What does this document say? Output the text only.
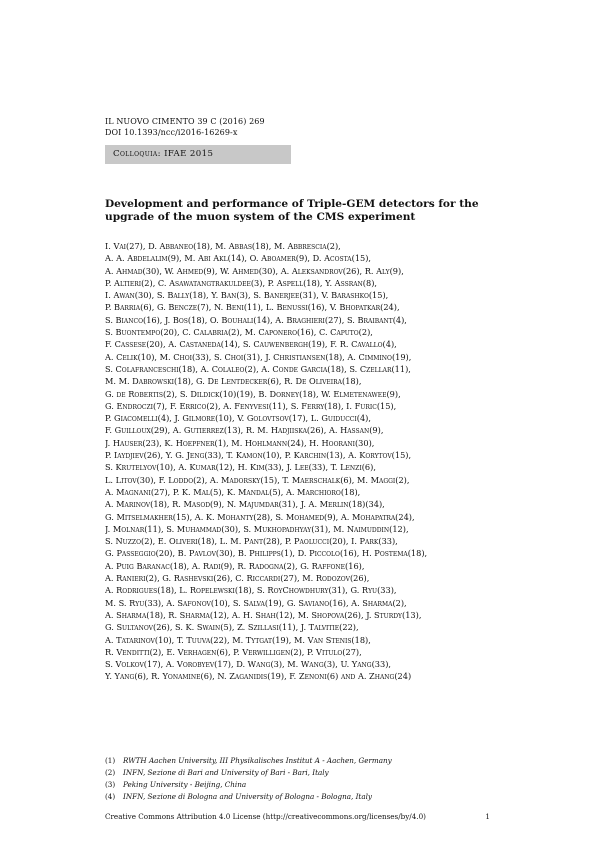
IL NUOVO CIMENTO 39 C (2016) 269
DOI 10.1393/ncc/i2016-16269-x
Colloquia: IFAE 2015
Development and performance of Triple-GEM detectors for the upgrade of the muon system of the CMS experiment
I. Vai(27), D. Abbaneo(18), M. Abbas(18), M. Abbrescia(2),
A. A. Abdelalim(9), M. Abi Akl(14), O. Aboamer(9), D. Acosta(15),
A. Ahmad(30), W. Ahmed(9), W. Ahmed(30), A. Aleksandrov(26), R. Aly(9),
P. Altieri(2), C. Asawatangtrakuldee(3), P. Aspell(18), Y. Assran(8),
I. Awan(30), S. Bally(18), Y. Ban(3), S. Banerjee(31), V. Barashko(15),
P. Barria(6), G. Bencze(7), N. Beni(11), L. Benussi(16), V. Bhopatkar(24),
S. Bianco(16), J. Bos(18), O. Bouhali(14), A. Braghieri(27), S. Braibant(4),
S. Buontempo(20), C. Calabria(2), M. Caponero(16), C. Caputo(2),
F. Cassese(20), A. Castaneda(14), S. Cauwenbergh(19), F. R. Cavallo(4),
A. Celik(10), M. Choi(33), S. Choi(31), J. Christiansen(18), A. Cimmino(19),
S. Colafranceschi(18), A. Colaleo(2), A. Conde Garcia(18), S. Czellar(11),
M. M. Dabrowski(18), G. De Lentdecker(6), R. De Oliveira(18),
G. de Robertis(2), S. Dildick(10)(19), B. Dorney(18), W. Elmetenawee(9),
G. Endroczi(7), F. Errico(2), A. Fenyvesi(11), S. Ferry(18), I. Furic(15),
P. Giacomelli(4), J. Gilmore(10), V. Golovtsov(17), L. Guiducci(4),
F. Guilloux(29), A. Gutierrez(13), R. M. Hadjiiska(26), A. Hassan(9),
J. Hauser(23), K. Hoepfner(1), M. Hohlmann(24), H. Hoorani(30),
P. Iaydjiev(26), Y. G. Jeng(33), T. Kamon(10), P. Karchin(13), A. Korytov(15),
S. Krutelyov(10), A. Kumar(12), H. Kim(33), J. Lee(33), T. Lenzi(6),
L. Litov(30), F. Loddo(2), A. Madorsky(15), T. Maerschalk(6), M. Maggi(2),
A. Magnani(27), P. K. Mal(5), K. Mandal(5), A. Marchioro(18),
A. Marinov(18), R. Masod(9), N. Majumdar(31), J. A. Merlin(18)(34),
G. Mitselmakher(15), A. K. Mohanty(28), S. Mohamed(9), A. Mohapatra(24),
J. Molnar(11), S. Muhammad(30), S. Mukhopadhyay(31), M. Naimuddin(12),
S. Nuzzo(2), E. Oliveri(18), L. M. Pant(28), P. Paolucci(20), I. Park(33),
G. Passeggio(20), B. Pavlov(30), B. Philipps(1), D. Piccolo(16), H. Postema(18),
A. Puig Baranac(18), A. Radi(9), R. Radogna(2), G. Raffone(16),
A. Ranieri(2), G. Rashevski(26), C. Riccardi(27), M. Rodozov(26),
A. Rodrigues(18), L. Ropelewski(18), S. RoyChowdhury(31), G. Ryu(33),
M. S. Ryu(33), A. Safonov(10), S. Salva(19), G. Saviano(16), A. Sharma(2),
A. Sharma(18), R. Sharma(12), A. H. Shah(12), M. Shopova(26), J. Sturdy(13),
G. Sultanov(26), S. K. Swain(5), Z. Szillasi(11), J. Talvitie(22),
A. Tatarinov(10), T. Tuuva(22), M. Tytgat(19), M. Van Stenis(18),
R. Venditti(2), E. Verhagen(6), P. Verwilligen(2), P. Vitulo(27),
S. Volkov(17), A. Vorobyev(17), D. Wang(3), M. Wang(3), U. Yang(33),
Y. Yang(6), R. Yonamine(6), N. Zaganidis(19), F. Zenoni(6) and A. Zhang(24)
(1) RWTH Aachen University, III Physikalisches Institut A - Aachen, Germany
(2) INFN, Sezione di Bari and University of Bari - Bari, Italy
(3) Peking University - Beijing, China
(4) INFN, Sezione di Bologna and University of Bologna - Bologna, Italy
Creative Commons Attribution 4.0 License (http://creativecommons.org/licenses/by/4.0)	1
